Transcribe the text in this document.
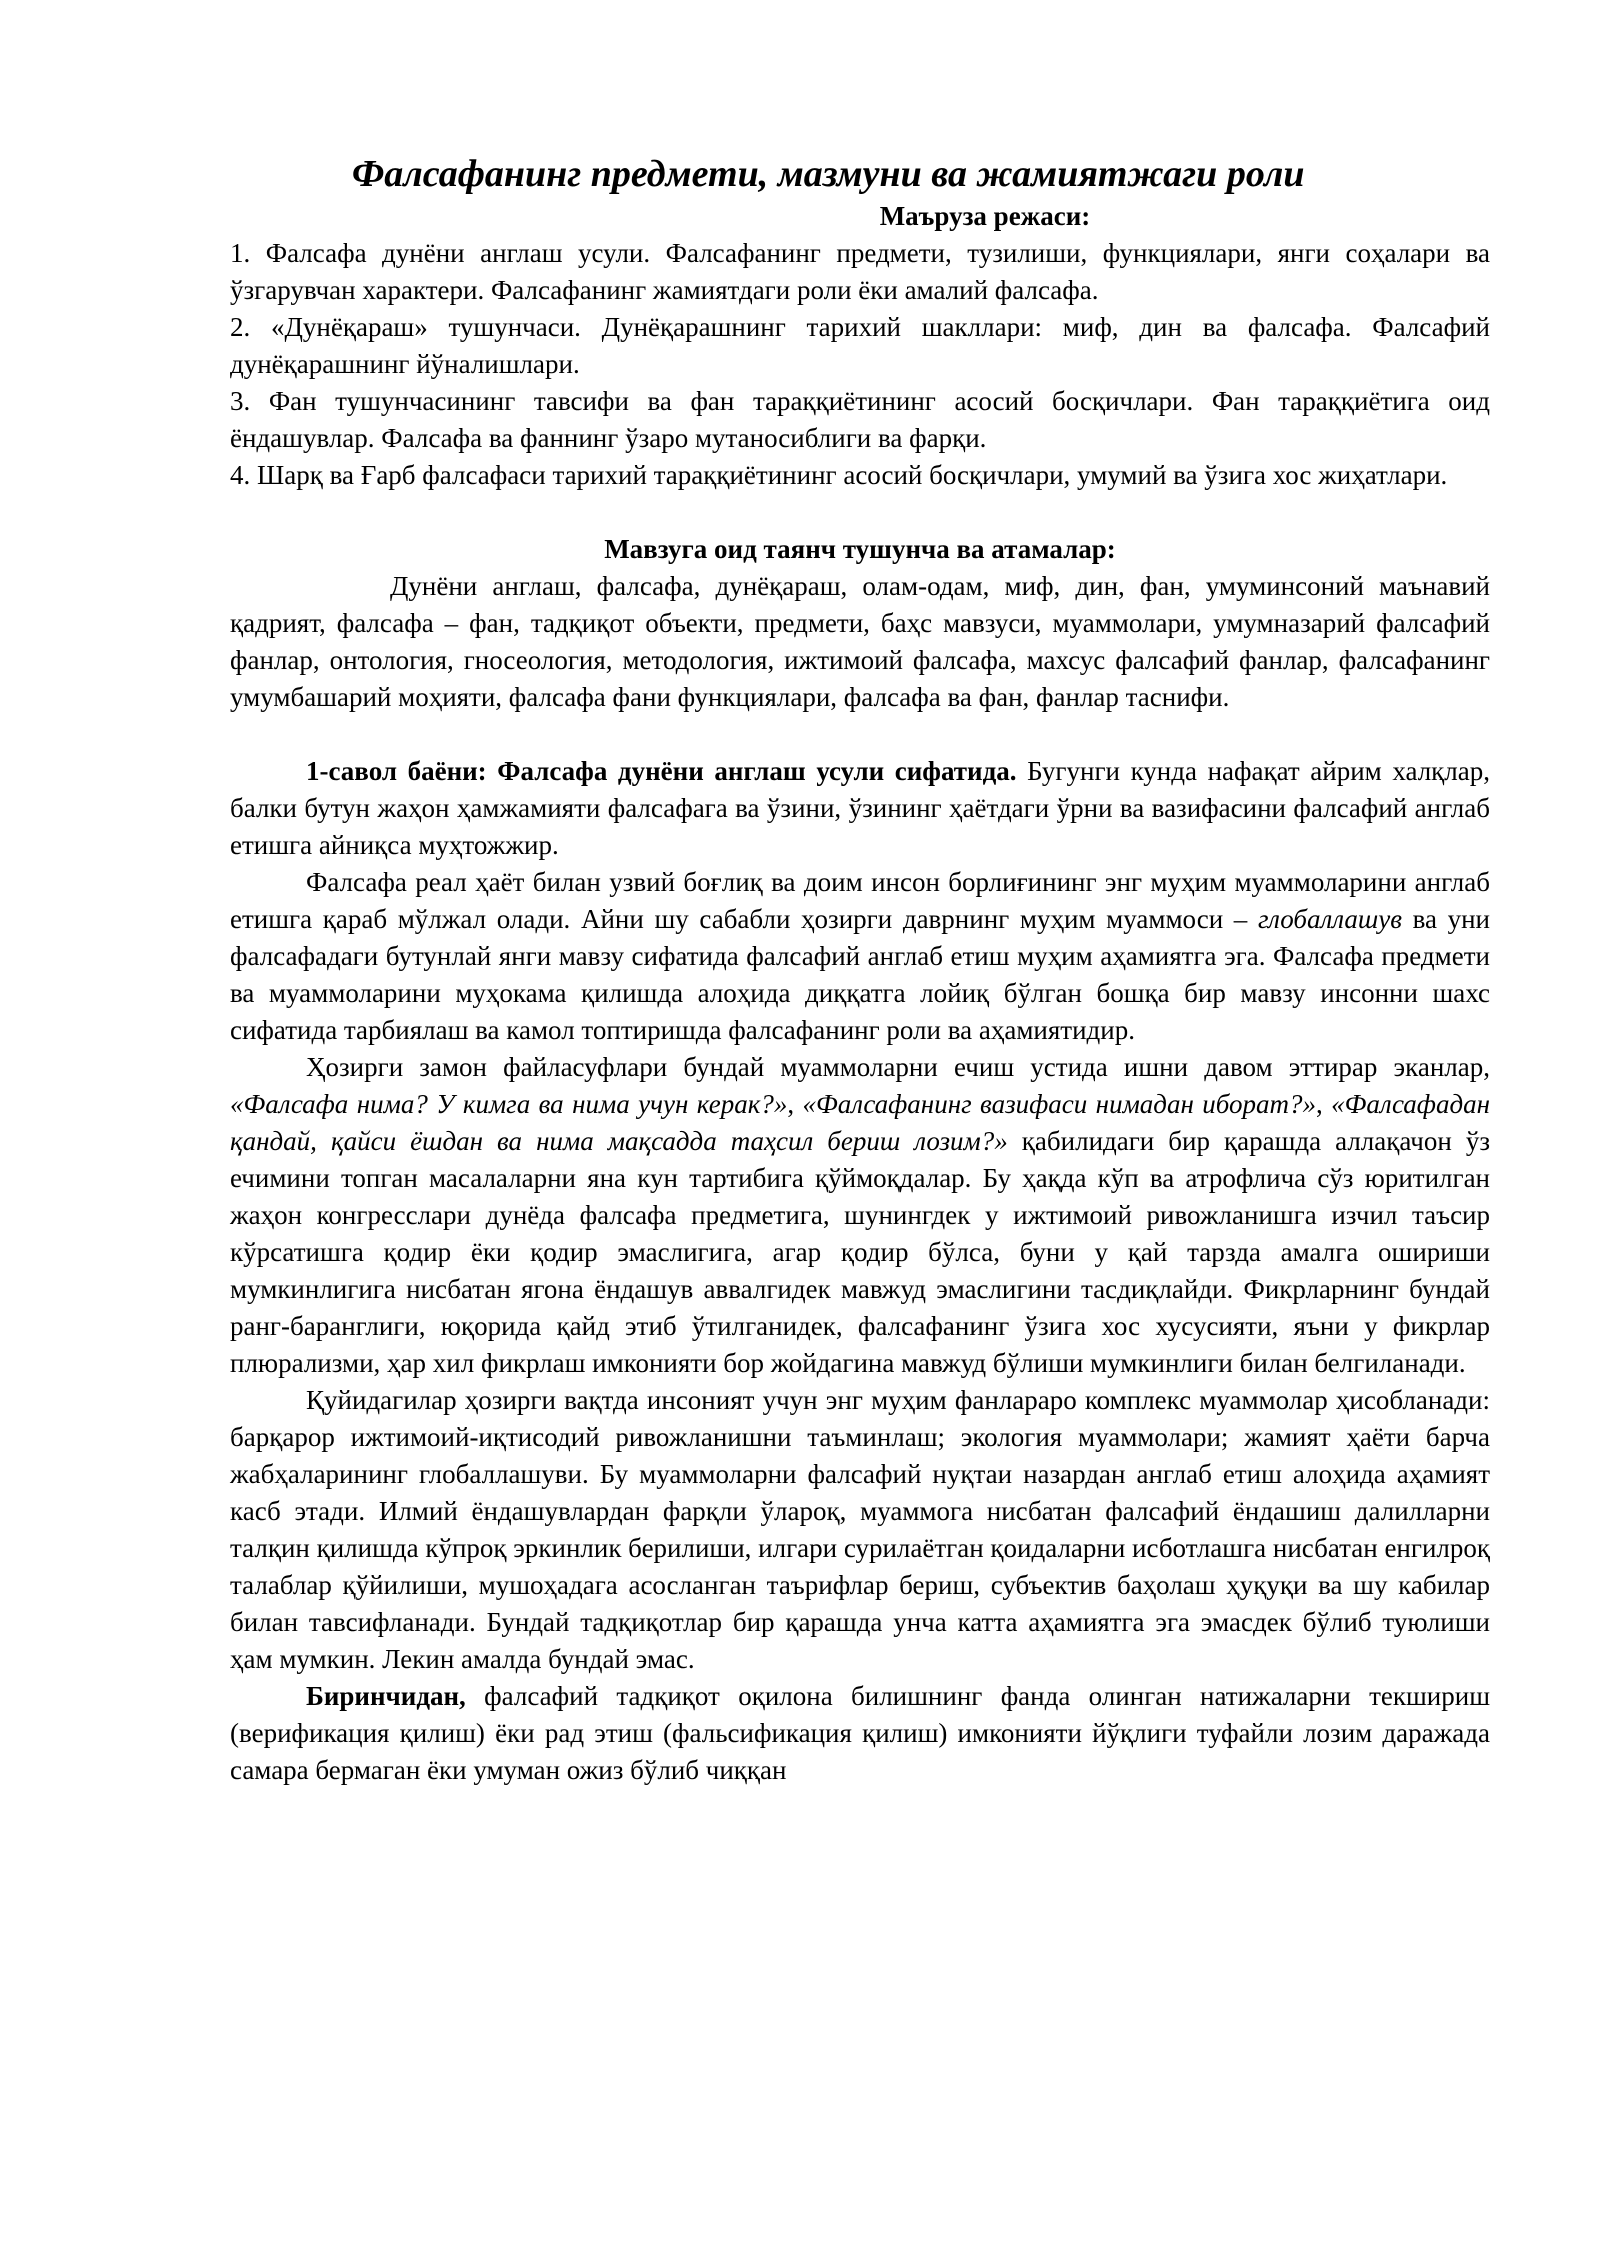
Фалсафанинг предмети, мазмуни ва жамиятжаги роли

Маъруза режаси:

1. Фалсафа дунёни англаш усули. Фалсафанинг предмети, тузилиши, функциялари, янги соҳалари ва ўзгарувчан характери. Фалсафанинг жамиятдаги роли ёки амалий фалсафа.

2. «Дунёқараш» тушунчаси. Дунёқарашнинг тарихий шакллари: миф, дин ва фалсафа. Фалсафий дунёқарашнинг йўналишлари.

3. Фан тушунчасининг тавсифи ва фан тараққиётининг асосий босқичлари. Фан тараққиётига оид ёндашувлар. Фалсафа ва фаннинг ўзаро мутаносиблиги ва фарқи.

4. Шарқ ва Ғарб фалсафаси тарихий тараққиётининг асосий босқичлари, умумий ва ўзига хос жиҳатлари.

Мавзуга оид таянч тушунча ва атамалар:

Дунёни англаш, фалсафа, дунёқараш, олам-одам, миф, дин, фан, умуминсоний маънавий қадрият, фалсафа – фан, тадқиқот объекти, предмети, баҳс мавзуси, муаммолари, умумназарий фалсафий фанлар, онтология, гносеология, методология, ижтимоий фалсафа, махсус фалсафий фанлар, фалсафанинг умумбашарий моҳияти, фалсафа фани функциялари, фалсафа ва фан, фанлар таснифи.

1-савол баёни: Фалсафа дунёни англаш усули сифатида. Бугунги кунда нафақат айрим халқлар, балки бутун жаҳон ҳамжамияти фалсафага ва ўзини, ўзининг ҳаётдаги ўрни ва вазифасини фалсафий англаб етишга айниқса муҳтожжир.

Фалсафа реал ҳаёт билан узвий боғлиқ ва доим инсон борлиғининг энг муҳим муаммоларини англаб етишга қараб мўлжал олади. Айни шу сабабли ҳозирги даврнинг муҳим муаммоси – глобаллашув ва уни фалсафадаги бутунлай янги мавзу сифатида фалсафий англаб етиш муҳим аҳамиятга эга. Фалсафа предмети ва муаммоларини муҳокама қилишда алоҳида диққатга лойиқ бўлган бошқа бир мавзу инсонни шахс сифатида тарбиялаш ва камол топтиришда фалсафанинг роли ва аҳамиятидир.

Ҳозирги замон файласуфлари бундай муаммоларни ечиш устида ишни давом эттирар эканлар, «Фалсафа нима? У кимга ва нима учун керак?», «Фалсафанинг вазифаси нимадан иборат?», «Фалсафадан қандай, қайси ёшдан ва нима мақсадда таҳсил бериш лозим?» қабилидаги бир қарашда аллақачон ўз ечимини топган масалаларни яна кун тартибига қўймоқдалар. Бу ҳақда кўп ва атрофлича сўз юритилган жаҳон конгресслари дунёда фалсафа предметига, шунингдек у ижтимоий ривожланишга изчил таъсир кўрсатишга қодир ёки қодир эмаслигига, агар қодир бўлса, буни у қай тарзда амалга ошириши мумкинлигига нисбатан ягона ёндашув аввалгидек мавжуд эмаслигини тасдиқлайди. Фикрларнинг бундай ранг-баранглиги, юқорида қайд этиб ўтилганидек, фалсафанинг ўзига хос хусусияти, яъни у фикрлар плюрализми, ҳар хил фикрлаш имконияти бор жойдагина мавжуд бўлиши мумкинлиги билан белгиланади.

Қуйидагилар ҳозирги вақтда инсоният учун энг муҳим фанлараро комплекс муаммолар ҳисобланади: барқарор ижтимоий-иқтисодий ривожланишни таъминлаш; экология муаммолари; жамият ҳаёти барча жабҳаларининг глобаллашуви. Бу муаммоларни фалсафий нуқтаи назардан англаб етиш алоҳида аҳамият касб этади. Илмий ёндашувлардан фарқли ўлароқ, муаммога нисбатан фалсафий ёндашиш далилларни талқин қилишда кўпроқ эркинлик берилиши, илгари сурилаётган қоидаларни исботлашга нисбатан енгилроқ талаблар қўйилиши, мушоҳадага асосланган таърифлар бериш, субъектив баҳолаш ҳуқуқи ва шу кабилар билан тавсифланади. Бундай тадқиқотлар бир қарашда унча катта аҳамиятга эга эмасдек бўлиб туюлиши ҳам мумкин. Лекин амалда бундай эмас.

Биринчидан, фалсафий тадқиқот оқилона билишнинг фанда олинган натижаларни текшириш (верификация қилиш) ёки рад этиш (фальсификация қилиш) имконияти йўқлиги туфайли лозим даражада самара бермаган ёки умуман ожиз бўлиб чиққан
